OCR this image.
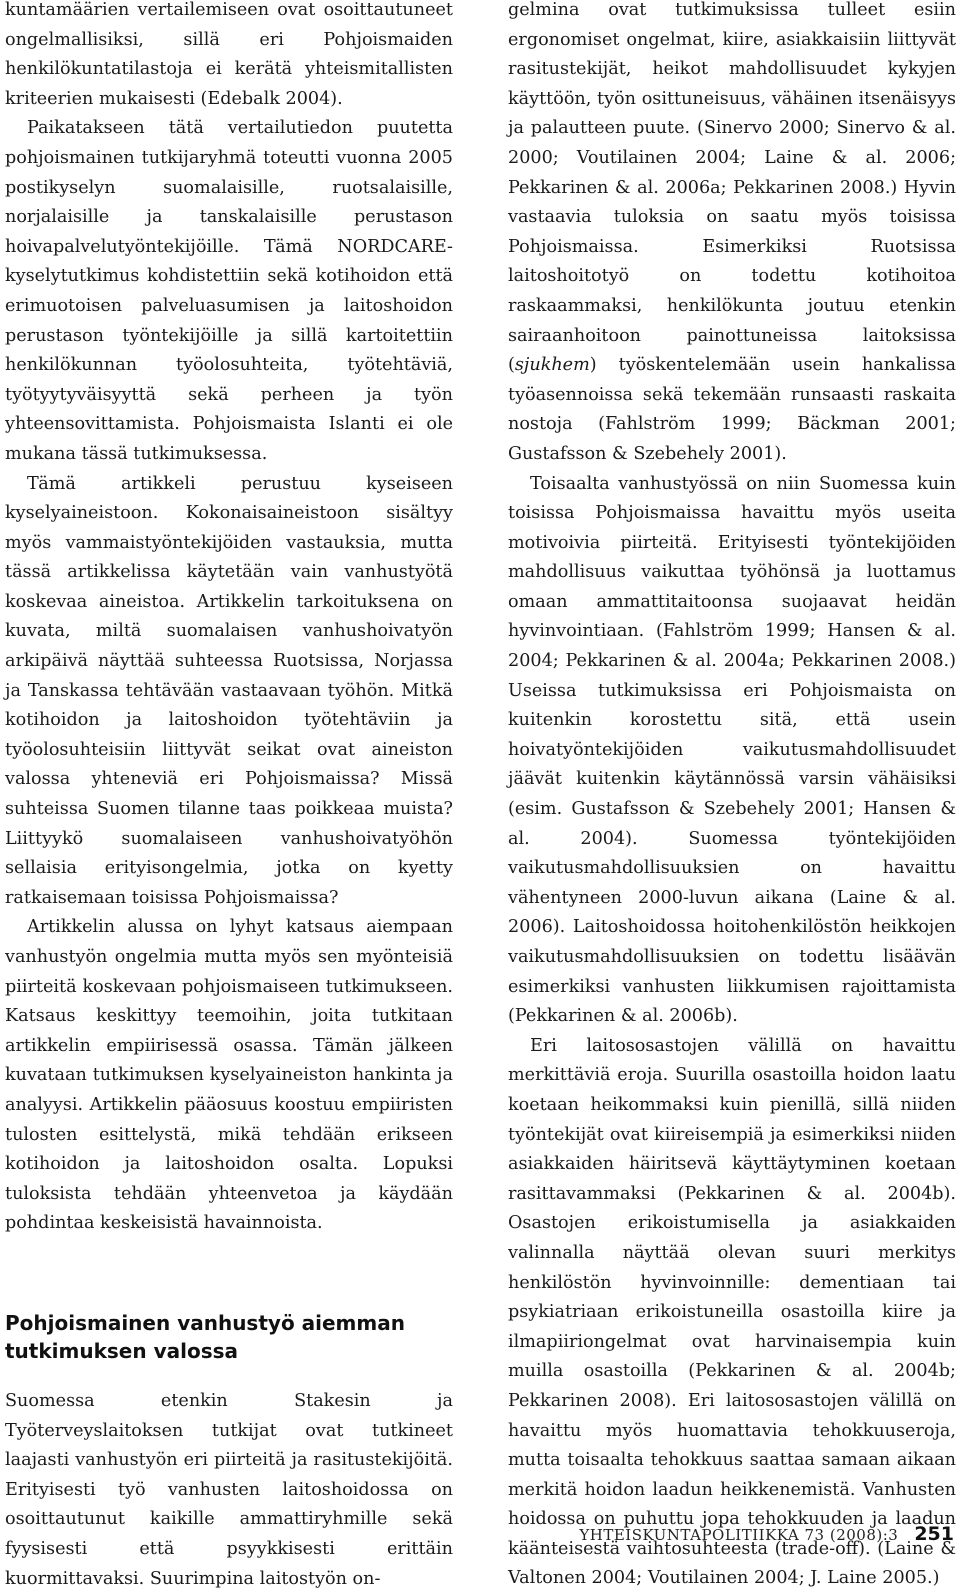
kuntamäärien vertailemiseen ovat osoittautuneet ongelmallisiksi, sillä eri Pohjoismaiden henkilökuntatilastoja ei kerätä yhteismitallisten kriteerien mukaisesti (Edebalk 2004).

Paikatakseen tätä vertailutiedon puutetta pohjoismainen tutkijaryhmä toteutti vuonna 2005 postikyselyn suomalaisille, ruotsalaisille, norjalaisille ja tanskalaisille perustason hoivapalvelutyöntekijöille. Tämä NORDCARE-kyselytutkimus kohdistettiin sekä kotihoidon että erimuotoisen palveluasumisen ja laitoshoidon perustason työntekijöille ja sillä kartoitettiin henkilökunnan työolosuhteita, työtehtäviä, työtyytyväisyyttä sekä perheen ja työn yhteensovittamista. Pohjoismaista Islanti ei ole mukana tässä tutkimuksessa.

Tämä artikkeli perustuu kyseiseen kyselyaineistoon. Kokonaisaineistoon sisältyy myös vammaistyöntekijöiden vastauksia, mutta tässä artikkelissa käytetään vain vanhustyötä koskevaa aineistoa. Artikkelin tarkoituksena on kuvata, miltä suomalaisen vanhushoivatyön arkipäivä näyttää suhteessa Ruotsissa, Norjassa ja Tanskassa tehtävään vastaavaan työhön. Mitkä kotihoidon ja laitoshoidon työtehtäviin ja työolosuhteisiin liittyvät seikat ovat aineiston valossa yhteneviä eri Pohjoismaissa? Missä suhteissa Suomen tilanne taas poikkeaa muista? Liittyykö suomalaiseen vanhushoivatyöhön sellaisia erityisongelmia, jotka on kyetty ratkaisemaan toisissa Pohjoismaissa?

Artikkelin alussa on lyhyt katsaus aiempaan vanhustyön ongelmia mutta myös sen myönteisiä piirteitä koskevaan pohjoismaiseen tutkimukseen. Katsaus keskittyy teemoihin, joita tutkitaan artikkelin empiirisessä osassa. Tämän jälkeen kuvataan tutkimuksen kyselyaineiston hankinta ja analyysi. Artikkelin pääosuus koostuu empiiristen tulosten esittelystä, mikä tehdään erikseen kotihoidon ja laitoshoidon osalta. Lopuksi tuloksista tehdään yhteenvetoa ja käydään pohdintaa keskeisistä havainnoista.

Pohjoismainen vanhustyö aiemman tutkimuksen valossa

Suomessa etenkin Stakesin ja Työterveyslaitoksen tutkijat ovat tutkineet laajasti vanhustyön eri piirteitä ja rasitustekijöitä. Erityisesti työ vanhusten laitoshoidossa on osoittautunut kaikille ammattiryhmille sekä fyysisesti että psyykkisesti erittäin kuormittavaksi. Suurimpina laitostyön on-

gelmina ovat tutkimuksissa tulleet esiin ergonomiset ongelmat, kiire, asiakkaisiin liittyvät rasitustekijät, heikot mahdollisuudet kykyjen käyttöön, työn osittuneisuus, vähäinen itsenäisyys ja palautteen puute. (Sinervo 2000; Sinervo & al. 2000; Voutilainen 2004; Laine & al. 2006; Pekkarinen & al. 2006a; Pekkarinen 2008.) Hyvin vastaavia tuloksia on saatu myös toisissa Pohjoismaissa. Esimerkiksi Ruotsissa laitoshoitotyö on todettu kotihoitoa raskaammaksi, henkilökunta joutuu etenkin sairaanhoitoon painottuneissa laitoksissa (sjukhem) työskentelemään usein hankalissa työasennoissa sekä tekemään runsaasti raskaita nostoja (Fahlström 1999; Bäckman 2001; Gustafsson & Szebehely 2001).

Toisaalta vanhustyössä on niin Suomessa kuin toisissa Pohjoismaissa havaittu myös useita motivoivia piirteitä. Erityisesti työntekijöiden mahdollisuus vaikuttaa työhönsä ja luottamus omaan ammattitaitoonsa suojaavat heidän hyvinvointiaan. (Fahlström 1999; Hansen & al. 2004; Pekkarinen & al. 2004a; Pekkarinen 2008.) Useissa tutkimuksissa eri Pohjoismaista on kuitenkin korostettu sitä, että usein hoivatyöntekijöiden vaikutusmahdollisuudet jäävät kuitenkin käytännössä varsin vähäisiksi (esim. Gustafsson & Szebehely 2001; Hansen & al. 2004). Suomessa työntekijöiden vaikutusmahdollisuuksien on havaittu vähentyneen 2000-luvun aikana (Laine & al. 2006). Laitoshoidossa hoitohenkilöstön heikkojen vaikutusmahdollisuuksien on todettu lisäävän esimerkiksi vanhusten liikkumisen rajoittamista (Pekkarinen & al. 2006b).

Eri laitososastojen välillä on havaittu merkittäviä eroja. Suurilla osastoilla hoidon laatu koetaan heikommaksi kuin pienillä, sillä niiden työntekijät ovat kiireisempiä ja esimerkiksi niiden asiakkaiden häiritsevä käyttäytyminen koetaan rasittavammaksi (Pekkarinen & al. 2004b). Osastojen erikoistumisella ja asiakkaiden valinnalla näyttää olevan suuri merkitys henkilöstön hyvinvoinnille: dementiaan tai psykiatriaan erikoistuneilla osastoilla kiire ja ilmapiiriongelmat ovat harvinaisempia kuin muilla osastoilla (Pekkarinen & al. 2004b; Pekkarinen 2008). Eri laitososastojen välillä on havaittu myös huomattavia tehokkuuseroja, mutta toisaalta tehokkuus saattaa samaan aikaan merkitä hoidon laadun heikkenemistä. Vanhusten hoidossa on puhuttu jopa tehokkuuden ja laadun käänteisestä vaihtosuhteesta (trade-off). (Laine & Valtonen 2004; Voutilainen 2004; J. Laine 2005.)

YHTEISKUNTAPOLITIIKKA 73 (2008):3 251
